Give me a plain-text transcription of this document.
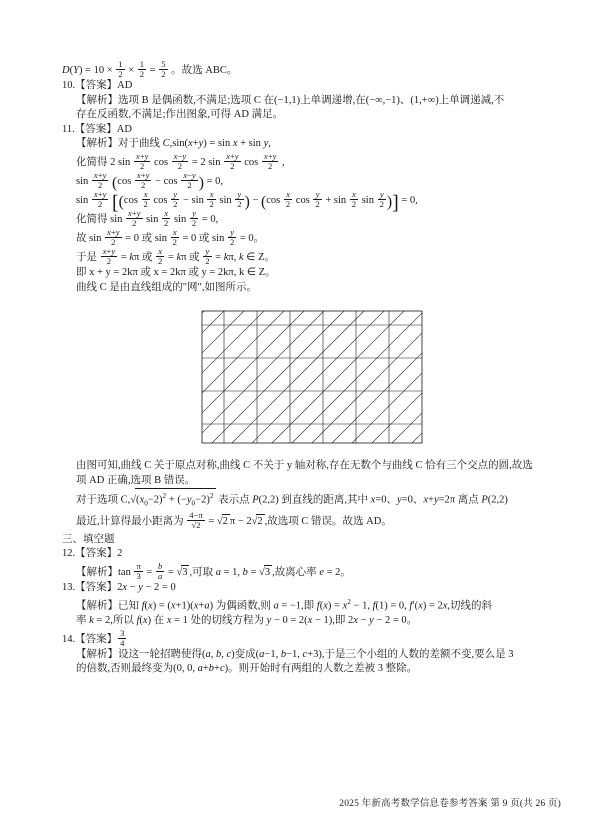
$D(Y) = 10 \times \frac{1}{2} \times \frac{1}{2} = \frac{5}{2}$ 。故选 ABC。
10.【答案】AD
【解析】选项 B 是偶函数,不满足;选项 C 在(−1,1)上单调递增,在(−∞,−1)、(1,+∞)上单调递减,不
存在反函数,不满足;作出图象,可得 AD 满足。
11.【答案】AD
【解析】对于曲线 C,sin(x+y) = sin x + sin y,
化简得 2 $\sin \frac{x+y}{2}$ $\cos \frac{x-y}{2} = 2$ $\sin \frac{x+y}{2}$ $\cos \frac{x+y}{2}$ ,
$\sin \frac{x+y}{2} (\cos \frac{x+y}{2} - \cos \frac{x-y}{2}$ ) = 0,
$\sin \frac{x+y}{2} [(\cos \frac{x}{2}$ $\cos \frac{y}{2} - \sin \frac{x}{2}$ $\sin \frac{y}{2}$ ) − ($\cos \frac{x}{2}$ $\cos \frac{y}{2} + \sin \frac{x}{2}$ $\sin \frac{y}{2}$ )] = 0,
化简得 $\sin \frac{x+y}{2}$ $\sin \frac{x}{2}$ $\sin \frac{y}{2} = 0$,
故 $\sin \frac{x+y}{2} = 0$ 或 $\sin \frac{x}{2} = 0$ 或 $\sin \frac{y}{2} = 0$。
于是 $\frac{x+y}{2} = k\pi$ 或 $\frac{x}{2} = k\pi$ 或 $\frac{y}{2} = k\pi$, k ∈ Z。
即 x + y = 2kπ 或 x = 2kπ 或 y = 2kπ, k ∈ Z。
曲线 C 是由直线组成的"网",如图所示。
由图可知,曲线 C 关于原点对称,曲线 C 不关于 y 轴对称,存在无数个与曲线 C 恰有三个交点的圆,故选
项 AD 正确,选项 B 错误。
对于选项 $C,√(x_0-2)^2 + (-y_0-2)^2$ 表示点 P(2,2) 到直线的距离,其中 x=0、y=0、x+y=2π 离点 P(2,2)
最近,计算得最小距离为 $\frac{4-\pi}{√2} = √2$ π − 2√2 ,故选项 C 错误。故选 AD。
三、填空题
12.【答案】2
【解析】$\tan \frac{\pi}{3} = \frac{b}{a} = √3$ ,可取 a = 1, b = √3 ,故离心率 e = 2。
13.【答案】2x − y − 2 = 0
【解析】已知 f(x) = (x+1)(x+a) 为偶函数,则 a = −1,即 $f(x) = x^2 - 1$, f(1) = 0, f′(x) = 2x,切线的斜
率 k = 2,所以 f(x) 在 x = 1 处的切线方程为 y − 0 = 2(x − 1),即 2x − y − 2 = 0。
14.【答案】 $\frac{3}{4}$
【解析】设这一轮招聘使得(a, b, c)变成(a−1, b−1, c+3),于是三个小组的人数的差额不变,要么是 3
的倍数,否则最终变为(0, 0, a+b+c)。则开始时有两组的人数之差被 3 整除。
2025 年新高考数学信息卷参考答案 第 9 页(共 26 页)
